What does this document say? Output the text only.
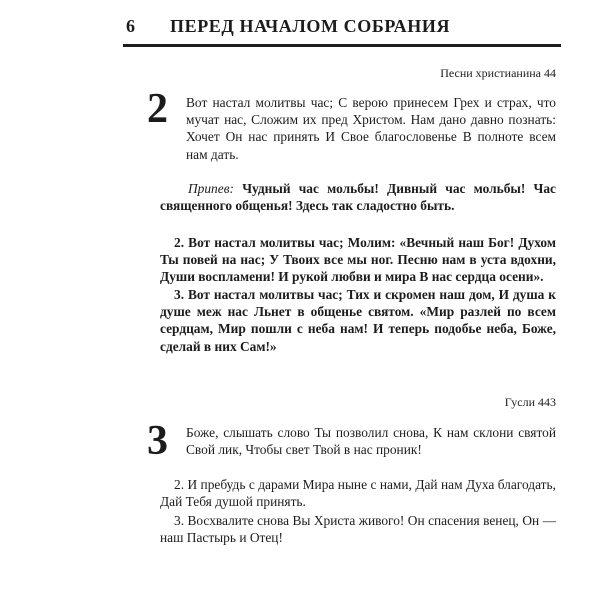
6 ПЕРЕД НАЧАЛОМ СОБРАНИЯ
Песни христианина 44
2 Вот настал молитвы час; С верою принесем Грех и страх, что мучат нас, Сложим их пред Христом. Нам дано давно познать: Хочет Он нас принять И Свое благословенье В полноте всем нам дать.

Припев: Чудный час мольбы! Дивный час мольбы! Час священного общенья! Здесь так сладостно быть.

2. Вот настал молитвы час; Молим: «Вечный наш Бог! Духом Ты повей на нас; У Твоих все мы ног. Песню нам в уста вдохни, Души воспламени! И рукой любви и мира В нас сердца осени».

3. Вот настал молитвы час; Тих и скромен наш дом, И душа к душе меж нас Льнет в общенье святом. «Мир разлей по всем сердцам, Мир пошли с неба нам! И теперь подобье неба, Боже, сделай в них Сам!»

Гусли 443
3 Боже, слышать слово Ты позволил снова, К нам склони святой Свой лик, Чтобы свет Твой в нас проник!

2. И пребудь с дарами Мира ныне с нами, Дай нам Духа благодать, Дай Тебя душой принять.

3. Восхвалите снова Вы Христа живого! Он спасения венец, Он — наш Пастырь и Отец!
